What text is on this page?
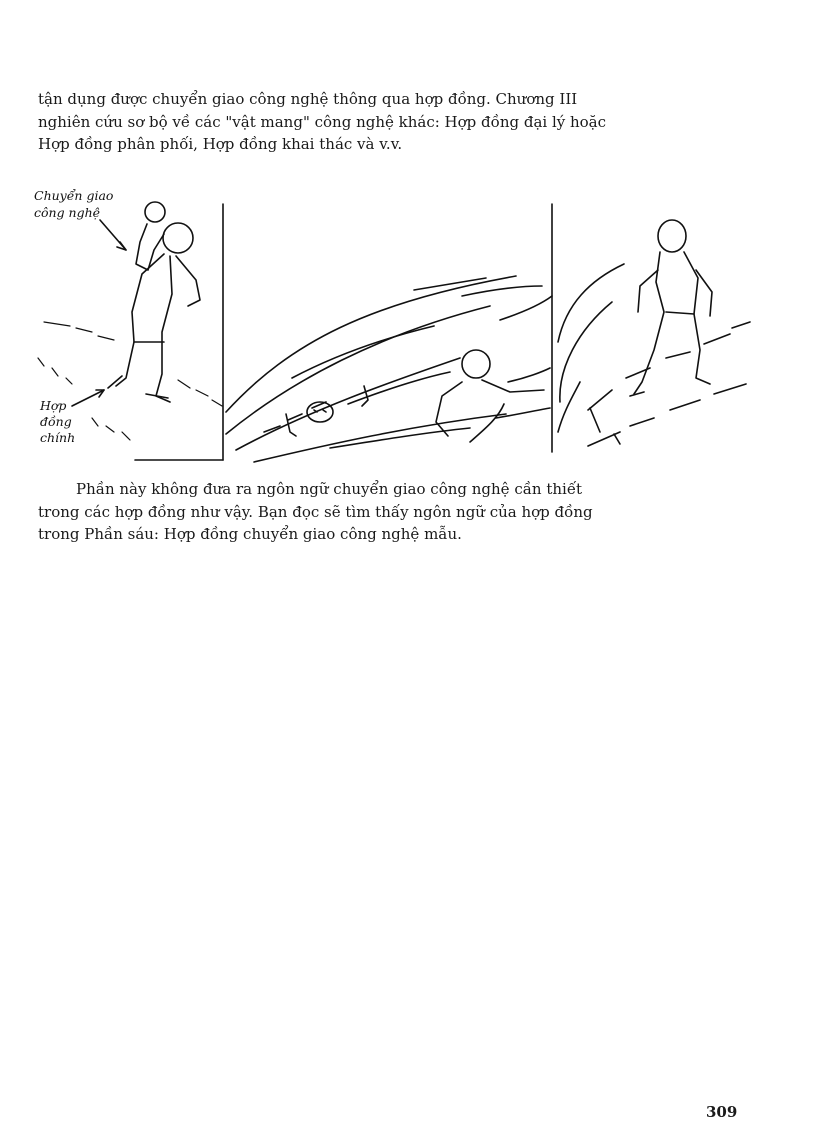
tận dụng được chuyển giao công nghệ thông qua hợp đồng. Chương III
nghiên cứu sơ bộ về các "vật mang" công nghệ khác: Hợp đồng đại lý hoặc
Hợp đồng phân phối, Hợp đồng khai thác và v.v.

Chuyển giao
công nghệ
Hợp
đồng
chính

Phần này không đưa ra ngôn ngữ chuyển giao công nghệ cần thiết
trong các hợp đồng như vậy. Bạn đọc sẽ tìm thấy ngôn ngữ của hợp đồng
trong Phần sáu: Hợp đồng chuyển giao công nghệ mẫu.

309
